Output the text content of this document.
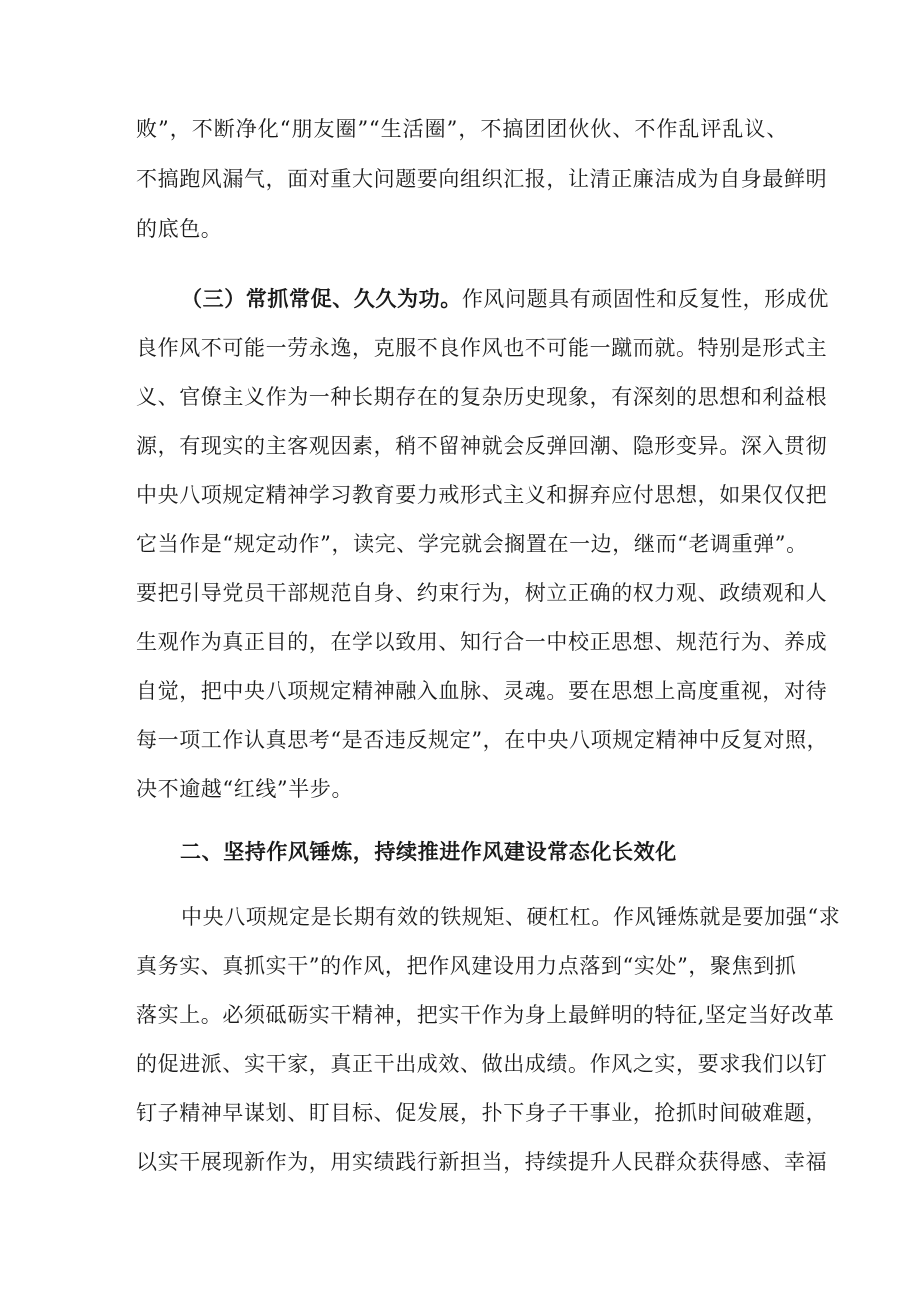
败”，不断净化“朋友圈”“生活圈”，不搞团团伙伙、不作乱评乱议、
不搞跑风漏气，面对重大问题要向组织汇报，让清正廉洁成为自身最鲜明
的底色。
（三）常抓常促、久久为功。作风问题具有顽固性和反复性，形成优
良作风不可能一劳永逸，克服不良作风也不可能一蹴而就。特别是形式主
义、官僚主义作为一种长期存在的复杂历史现象，有深刻的思想和利益根
源，有现实的主客观因素，稍不留神就会反弹回潮、隐形变异。深入贯彻
中央八项规定精神学习教育要力戒形式主义和摒弃应付思想，如果仅仅把
它当作是“规定动作”，读完、学完就会搁置在一边，继而“老调重弹”。
要把引导党员干部规范自身、约束行为，树立正确的权力观、政绩观和人
生观作为真正目的，在学以致用、知行合一中校正思想、规范行为、养成
自觉，把中央八项规定精神融入血脉、灵魂。要在思想上高度重视，对待
每一项工作认真思考“是否违反规定”，在中央八项规定精神中反复对照，
决不逾越“红线”半步。
二、坚持作风锤炼，持续推进作风建设常态化长效化
中央八项规定是长期有效的铁规矩、硬杠杠。作风锤炼就是要加强“求
真务实、真抓实干”的作风，把作风建设用力点落到“实处”，聚焦到抓
落实上。必须砥砺实干精神，把实干作为身上最鲜明的特征,坚定当好改革
的促进派、实干家，真正干出成效、做出成绩。作风之实，要求我们以钉
钉子精神早谋划、盯目标、促发展，扑下身子干事业，抢抓时间破难题，
以实干展现新作为，用实绩践行新担当，持续提升人民群众获得感、幸福
